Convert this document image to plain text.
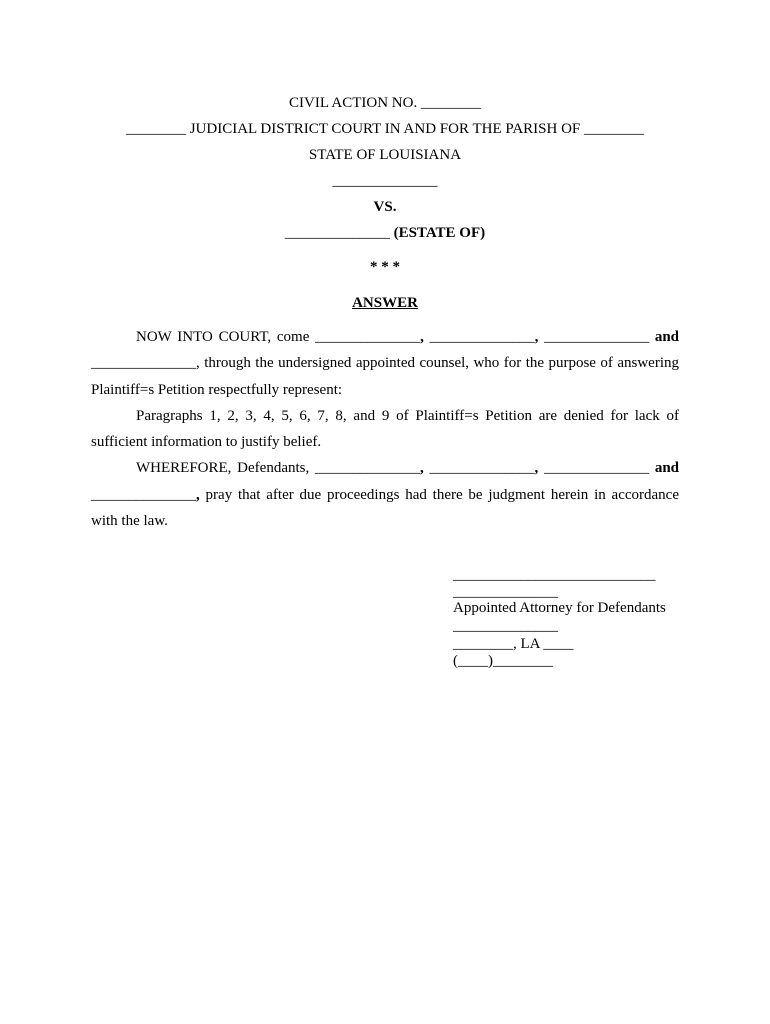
CIVIL ACTION NO. ________
________ JUDICIAL DISTRICT COURT IN AND FOR THE PARISH OF ________
STATE OF LOUISIANA
______________
VS.
______________ (ESTATE OF)
* * *
ANSWER

NOW INTO COURT, come ______________, ______________, ______________ and ______________, through the undersigned appointed counsel, who for the purpose of answering Plaintiff=s Petition respectfully represent:

Paragraphs 1, 2, 3, 4, 5, 6, 7, 8, and 9 of Plaintiff=s Petition are denied for lack of sufficient information to justify belief.

WHEREFORE, Defendants, ______________, ______________, ______________ and ______________, pray that after due proceedings had there be judgment herein in accordance with the law.

___________________________
______________
Appointed Attorney for Defendants
______________
________, LA ____
(____)________
